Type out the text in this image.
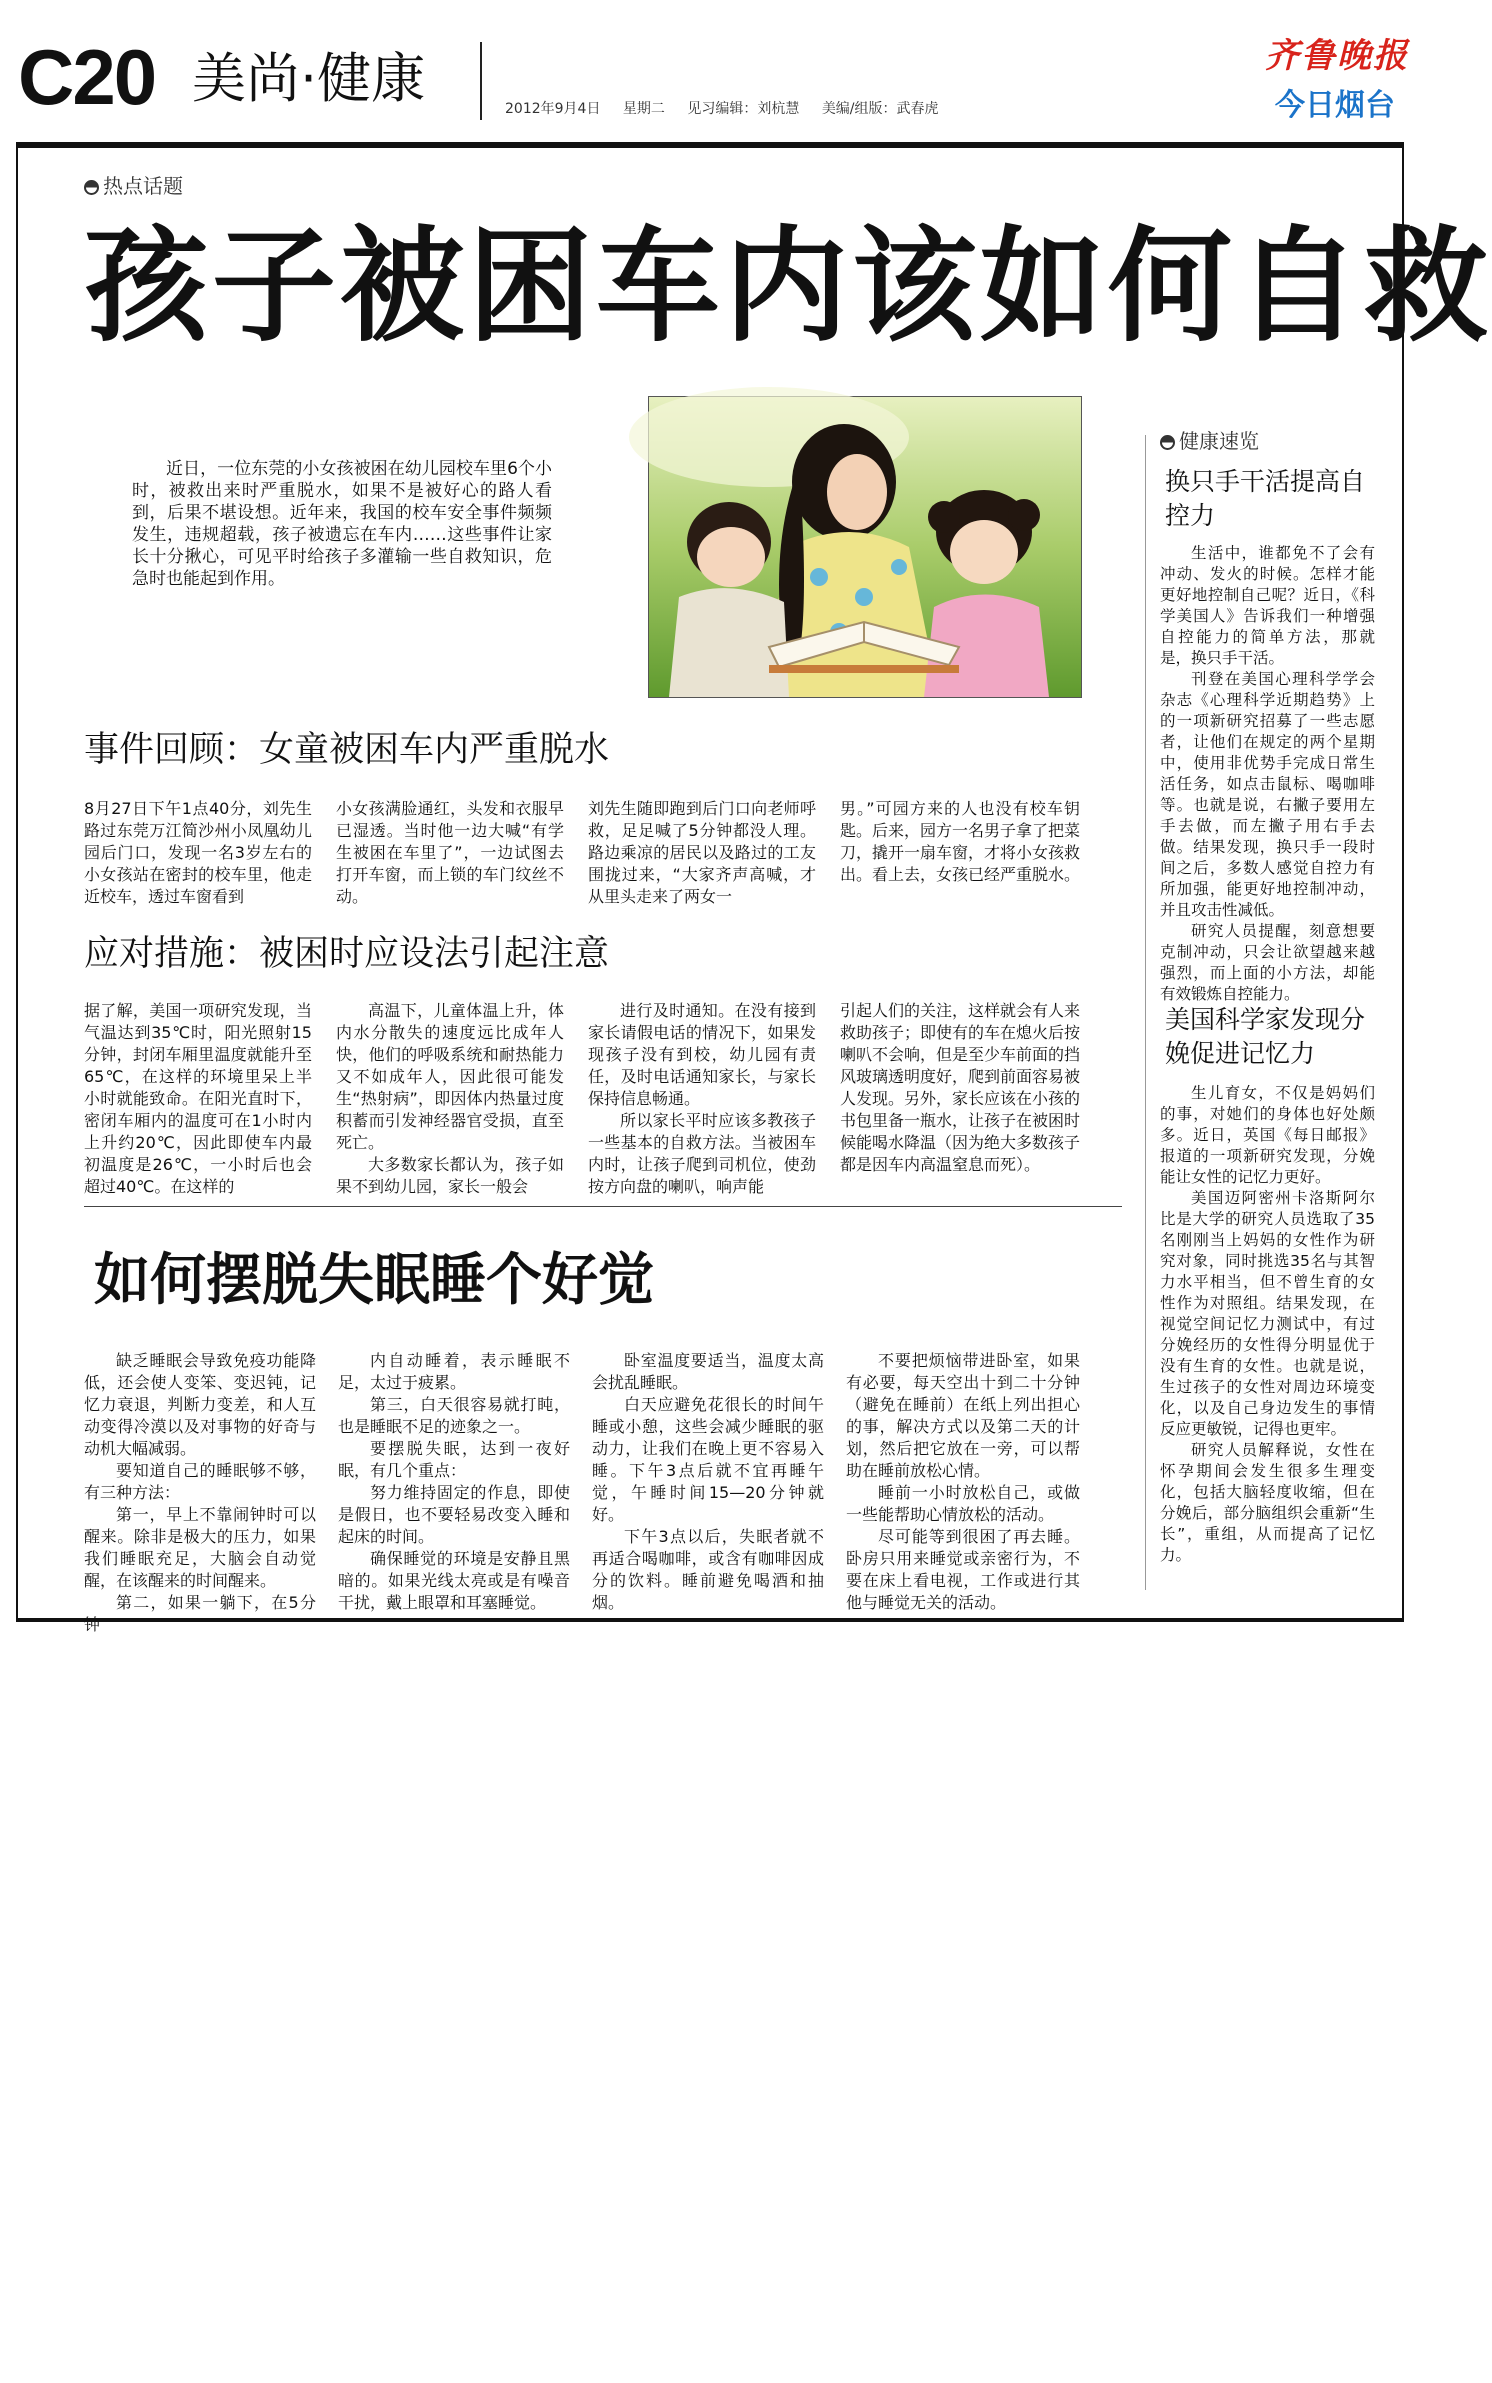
C20 美尚·健康	2012年9月4日 星期二 见习编辑：刘杭慧 美编/组版：武春虎
齐鲁晚报
今日烟台
热点话题
孩子被困车内该如何自救
近日，一位东莞的小女孩被困在幼儿园校车里6个小时，被救出来时严重脱水，如果不是被好心的路人看到，后果不堪设想。近年来，我国的校车安全事件频频发生，违规超载，孩子被遗忘在车内……这些事件让家长十分揪心，可见平时给孩子多灌输一些自救知识，危急时也能起到作用。
事件回顾：女童被困车内严重脱水
8月27日下午1点40分，刘先生路过东莞万江简沙州小凤凰幼儿园后门口，发现一名3岁左右的小女孩站在密封的校车里，他走近校车，透过车窗看到
小女孩满脸通红，头发和衣服早已湿透。当时他一边大喊“有学生被困在车里了”，一边试图去打开车窗，而上锁的车门纹丝不动。
刘先生随即跑到后门口向老师呼救，足足喊了5分钟都没人理。路边乘凉的居民以及路过的工友围拢过来，“大家齐声高喊，才从里头走来了两女一
男。”可园方来的人也没有校车钥匙。后来，园方一名男子拿了把菜刀，撬开一扇车窗，才将小女孩救出。看上去，女孩已经严重脱水。
应对措施：被困时应设法引起注意
据了解，美国一项研究发现，当气温达到35℃时，阳光照射15分钟，封闭车厢里温度就能升至65℃，在这样的环境里呆上半小时就能致命。在阳光直时下，密闭车厢内的温度可在1小时内上升约20℃，因此即使车内最初温度是26℃，一小时后也会超过40℃。在这样的

高温下，儿童体温上升，体内水分散失的速度远比成年人快，他们的呼吸系统和耐热能力又不如成年人，因此很可能发生“热射病”，即因体内热量过度积蓄而引发神经器官受损，直至死亡。

大多数家长都认为，孩子如果不到幼儿园，家长一般会

进行及时通知。在没有接到家长请假电话的情况下，如果发现孩子没有到校，幼儿园有责任，及时电话通知家长，与家长保持信息畅通。

所以家长平时应该多教孩子一些基本的自救方法。当被困车内时，让孩子爬到司机位，使劲按方向盘的喇叭，响声能

引起人们的关注，这样就会有人来救助孩子；即使有的车在熄火后按喇叭不会响，但是至少车前面的挡风玻璃透明度好，爬到前面容易被人发现。另外，家长应该在小孩的书包里备一瓶水，让孩子在被困时候能喝水降温（因为绝大多数孩子都是因车内高温窒息而死）。
如何摆脱失眠睡个好觉

缺乏睡眠会导致免疫功能降低，还会使人变笨、变迟钝，记忆力衰退，判断力变差，和人互动变得冷漠以及对事物的好奇与动机大幅减弱。

要知道自己的睡眠够不够，有三种方法：

第一，早上不靠闹钟时可以醒来。除非是极大的压力，如果我们睡眠充足，大脑会自动觉醒，在该醒来的时间醒来。

第二，如果一躺下，在5分钟

内自动睡着，表示睡眠不足，太过于疲累。

第三，白天很容易就打盹，也是睡眠不足的迹象之一。

要摆脱失眠，达到一夜好眠，有几个重点：

努力维持固定的作息，即使是假日，也不要轻易改变入睡和起床的时间。

确保睡觉的环境是安静且黑暗的。如果光线太亮或是有噪音干扰，戴上眼罩和耳塞睡觉。

卧室温度要适当，温度太高会扰乱睡眠。

白天应避免花很长的时间午睡或小憩，这些会减少睡眠的驱动力，让我们在晚上更不容易入睡。下午3点后就不宜再睡午觉，午睡时间15—20分钟就好。

下午3点以后，失眠者就不再适合喝咖啡，或含有咖啡因成分的饮料。睡前避免喝酒和抽烟。

不要把烦恼带进卧室，如果有必要，每天空出十到二十分钟（避免在睡前）在纸上列出担心的事，解决方式以及第二天的计划，然后把它放在一旁，可以帮助在睡前放松心情。

睡前一小时放松自己，或做一些能帮助心情放松的活动。

尽可能等到很困了再去睡。卧房只用来睡觉或亲密行为，不要在床上看电视，工作或进行其他与睡觉无关的活动。

健康速览
换只手干活提高自控力

生活中，谁都免不了会有冲动、发火的时候。怎样才能更好地控制自己呢？近日，《科学美国人》告诉我们一种增强自控能力的简单方法，那就是，换只手干活。

刊登在美国心理科学学会杂志《心理科学近期趋势》上的一项新研究招募了一些志愿者，让他们在规定的两个星期中，使用非优势手完成日常生活任务，如点击鼠标、喝咖啡等。也就是说，右撇子要用左手去做，而左撇子用右手去做。结果发现，换只手一段时间之后，多数人感觉自控力有所加强，能更好地控制冲动，并且攻击性减低。

研究人员提醒，刻意想要克制冲动，只会让欲望越来越强烈，而上面的小方法，却能有效锻炼自控能力。

美国科学家发现分娩促进记忆力

生儿育女，不仅是妈妈们的事，对她们的身体也好处颇多。近日，英国《每日邮报》报道的一项新研究发现，分娩能让女性的记忆力更好。

美国迈阿密州卡洛斯阿尔比是大学的研究人员选取了35名刚刚当上妈妈的女性作为研究对象，同时挑选35名与其智力水平相当，但不曾生育的女性作为对照组。结果发现，在视觉空间记忆力测试中，有过分娩经历的女性得分明显优于没有生育的女性。也就是说，生过孩子的女性对周边环境变化，以及自己身边发生的事情反应更敏锐，记得也更牢。

研究人员解释说，女性在怀孕期间会发生很多生理变化，包括大脑轻度收缩，但在分娩后，部分脑组织会重新“生长”，重组，从而提高了记忆力。
